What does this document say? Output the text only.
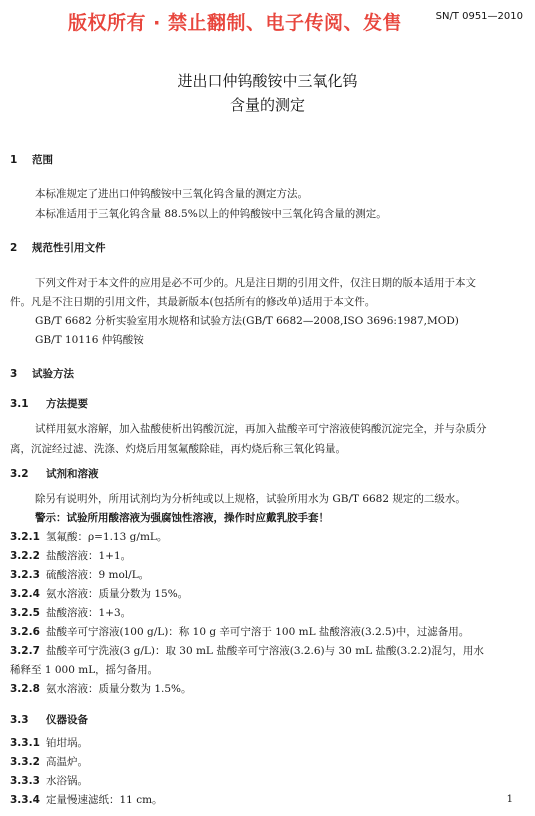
版权所有 · 禁止翻制、电子传阅、发售	SN/T 0951—2010
进出口仲钨酸铵中三氧化钨
含量的测定
1 范围
本标准规定了进出口仲钨酸铵中三氧化钨含量的测定方法。
本标准适用于三氧化钨含量 88.5%以上的仲钨酸铵中三氧化钨含量的测定。
2 规范性引用文件
下列文件对于本文件的应用是必不可少的。凡是注日期的引用文件，仅注日期的版本适用于本文
件。凡是不注日期的引用文件，其最新版本(包括所有的修改单)适用于本文件。
GB/T 6682 分析实验室用水规格和试验方法(GB/T 6682—2008,ISO 3696:1987,MOD)
GB/T 10116 仲钨酸铵
3 试验方法
3.1 方法提要
试样用氨水溶解，加入盐酸使析出钨酸沉淀，再加入盐酸辛可宁溶液使钨酸沉淀完全，并与杂质分
离，沉淀经过滤、洗涤、灼烧后用氢氟酸除硅，再灼烧后称三氧化钨量。
3.2 试剂和溶液
除另有说明外，所用试剂均为分析纯或以上规格，试验所用水为 GB/T 6682 规定的二级水。
警示：试验所用酸溶液为强腐蚀性溶液，操作时应戴乳胶手套！
3.2.1 氢氟酸：ρ=1.13 g/mL。
3.2.2 盐酸溶液：1+1。
3.2.3 硫酸溶液：9 mol/L。
3.2.4 氨水溶液：质量分数为 15%。
3.2.5 盐酸溶液：1+3。
3.2.6 盐酸辛可宁溶液(100 g/L)：称 10 g 辛可宁溶于 100 mL 盐酸溶液(3.2.5)中，过滤备用。
3.2.7 盐酸辛可宁洗液(3 g/L)：取 30 mL 盐酸辛可宁溶液(3.2.6)与 30 mL 盐酸(3.2.2)混匀，用水
稀释至 1 000 mL，摇匀备用。
3.2.8 氨水溶液：质量分数为 1.5%。
3.3 仪器设备
3.3.1 铂坩埚。
3.3.2 高温炉。
3.3.3 水浴锅。
3.3.4 定量慢速滤纸：11 cm。	1
